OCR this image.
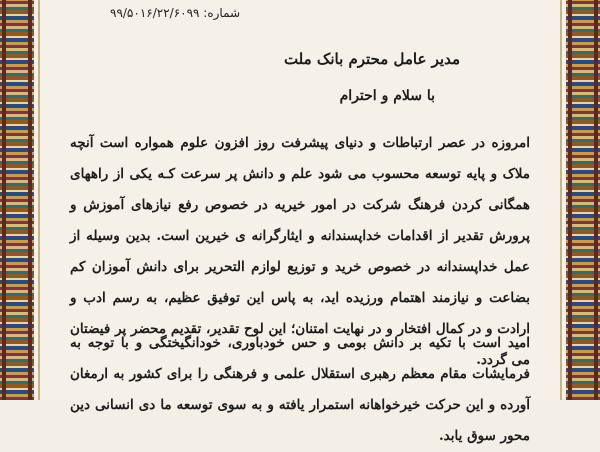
شماره: ۹۹/۵۰۱۶/۲۲/۶۰۹۹
مدیر عامل محترم بانک ملت
با سلام و احترام
امروزه در عصر ارتباطات و دنیای پیشرفت روز افزون علوم همواره است آنچه ملاک و پایه توسعه محسوب می شود علم و دانش پر سرعت کـه یکی از راههای همگانی کردن فرهنگ شرکت در امور خیریه در خصوص رفع نیازهای آموزش و پرورش تقدیر از اقدامات خداپسندانه و ایثارگرانه ی خیرین است. بدین وسیله از عمل خداپسندانه در خصوص خرید و توزیع لوازم التحریر برای دانش آموزان کم بضاعت و نیازمند اهتمام ورزیده اید، به پاس این توفیق عظیم، به رسم ادب و ارادت و در کمال افتخار و در نهایت امتنان؛ این لوح تقدیر، تقدیم محضر پر فیضتان می گردد.
امید است با تکیه بر دانش بومی و حس خودباوری، خودانگیختگی و با توجه به فرمایشات مقام معظم رهبری استقلال علمی و فرهنگی را برای کشور به ارمغان آورده و این حرکت خیرخواهانه استمرار یافته و به سوی توسعه ما دی انسانی دین محور سوق یابد.
